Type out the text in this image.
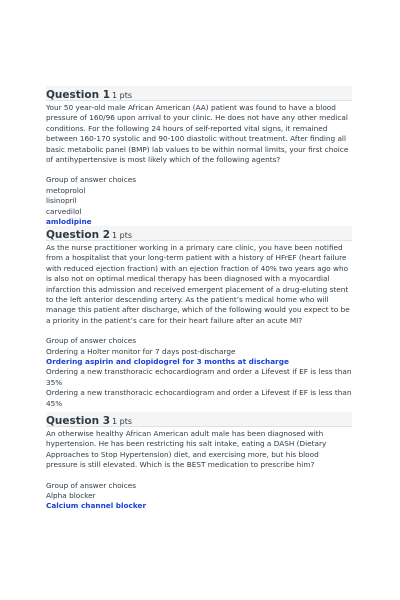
Question 1 1 pts
Your 50 year-old male African American (AA) patient was found to have a blood pressure of 160/96 upon arrival to your clinic. He does not have any other medical conditions. For the following 24 hours of self-reported vital signs, it remained between 160-170 systolic and 90-100 diastolic without treatment. After finding all basic metabolic panel (BMP) lab values to be within normal limits, your first choice of antihypertensive is most likely which of the following agents?
Group of answer choices
metoprolol
lisinopril
carvedilol
amlodipine
Question 2 1 pts
As the nurse practitioner working in a primary care clinic, you have been notified from a hospitalist that your long-term patient with a history of HFrEF (heart failure with reduced ejection fraction) with an ejection fraction of 40% two years ago who is also not on optimal medical therapy has been diagnosed with a myocardial infarction this admission and received emergent placement of a drug-eluting stent to the left anterior descending artery. As the patient’s medical home who will manage this patient after discharge, which of the following would you expect to be a priority in the patient’s care for their heart failure after an acute MI?
Group of answer choices
Ordering a Holter monitor for 7 days post-discharge
Ordering aspirin and clopidogrel for 3 months at discharge
Ordering a new transthoracic echocardiogram and order a Lifevest if EF is less than 35%
Ordering a new transthoracic echocardiogram and order a Lifevest if EF is less than 45%
Question 3 1 pts
An otherwise healthy African American adult male has been diagnosed with hypertension. He has been restricting his salt intake, eating a DASH (Dietary Approaches to Stop Hypertension) diet, and exercising more, but his blood pressure is still elevated. Which is the BEST medication to prescribe him?
Group of answer choices
Alpha blocker
Calcium channel blocker
